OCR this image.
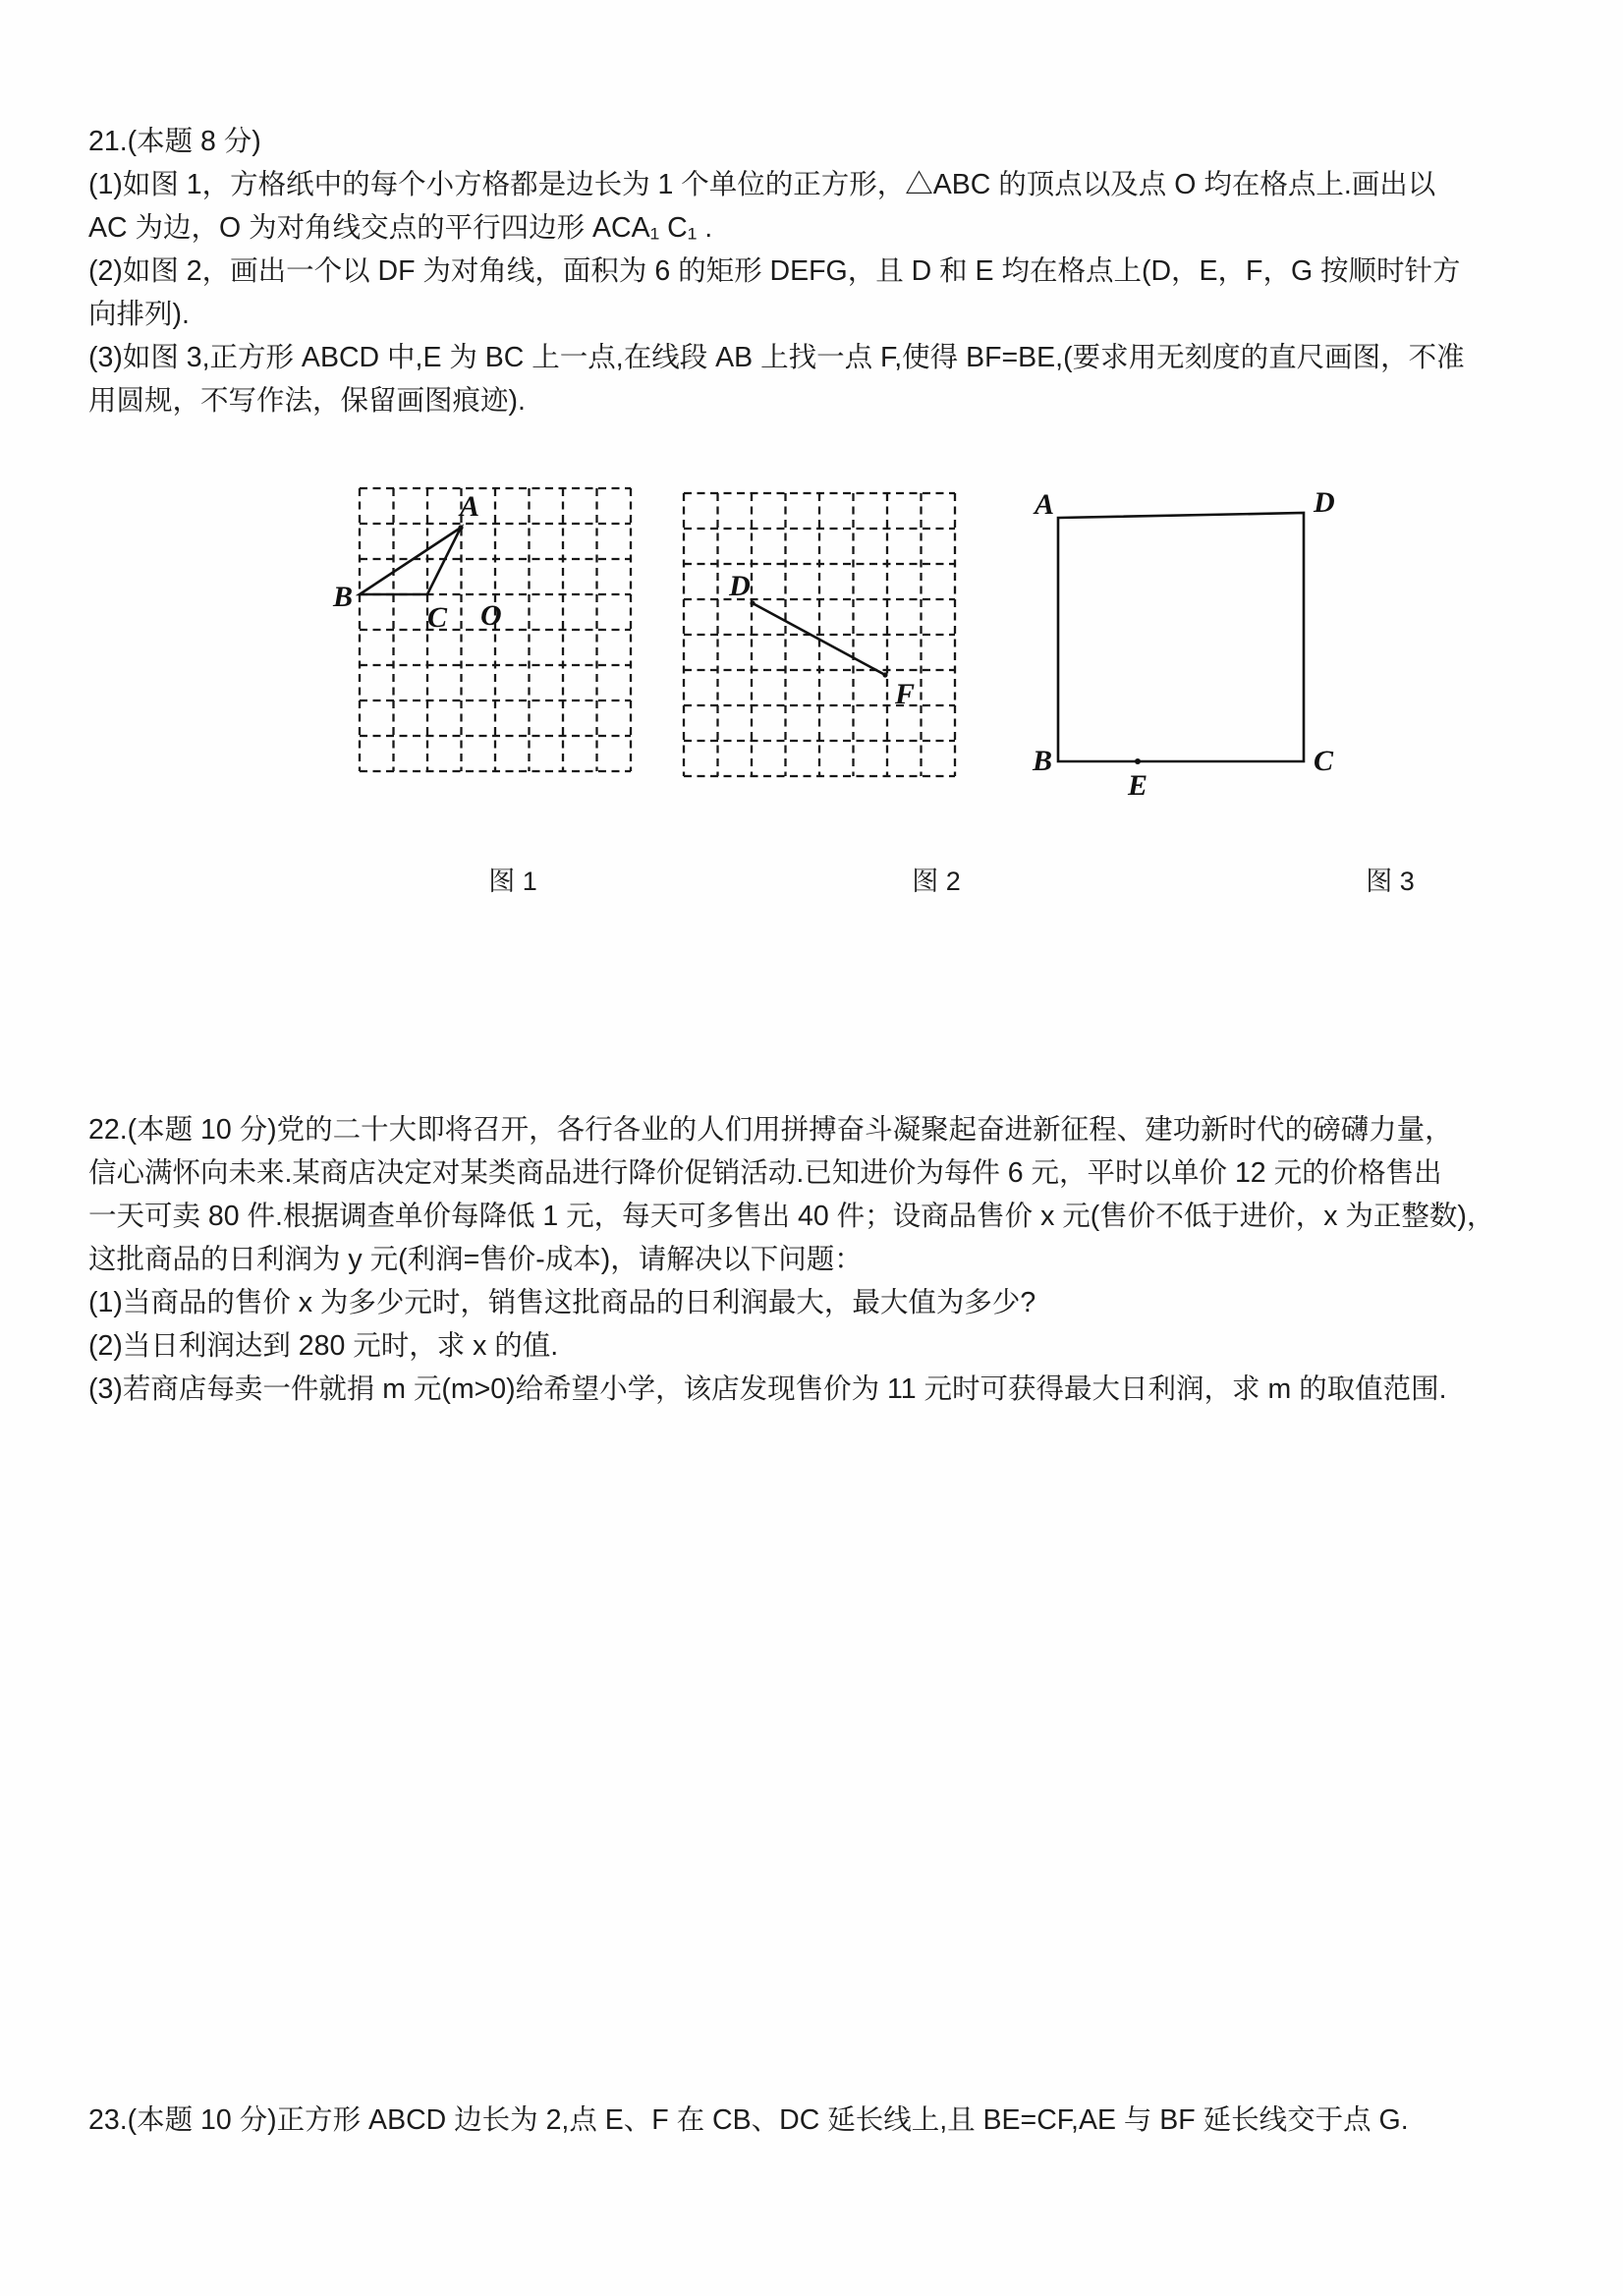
21.(本题 8 分)
(1)如图 1，方格纸中的每个小方格都是边长为 1 个单位的正方形，△ABC 的顶点以及点 O 均在格点上.画出以
AC 为边，O 为对角线交点的平行四边形 ACA₁ C₁ .
(2)如图 2，画出一个以 DF 为对角线，面积为 6 的矩形 DEFG，且 D 和 E 均在格点上(D，E，F，G 按顺时针方
向排列).
(3)如图 3,正方形 ABCD 中,E 为 BC 上一点,在线段 AB 上找一点 F,使得 BF=BE,(要求用无刻度的直尺画图，不准
用圆规，不写作法，保留画图痕迹).
A
B
C O
D
F
A	D
B	C
E
图 1	图 2	图 3
22.(本题 10 分)党的二十大即将召开，各行各业的人们用拼搏奋斗凝聚起奋进新征程、建功新时代的磅礴力量，
信心满怀向未来.某商店决定对某类商品进行降价促销活动.已知进价为每件 6 元，平时以单价 12 元的价格售出
一天可卖 80 件.根据调查单价每降低 1 元，每天可多售出 40 件；设商品售价 x 元(售价不低于进价，x 为正整数)，
这批商品的日利润为 y 元(利润=售价-成本)，请解决以下问题：
(1)当商品的售价 x 为多少元时，销售这批商品的日利润最大，最大值为多少?
(2)当日利润达到 280 元时，求 x 的值.
(3)若商店每卖一件就捐 m 元(m>0)给希望小学，该店发现售价为 11 元时可获得最大日利润，求 m 的取值范围.
23.(本题 10 分)正方形 ABCD 边长为 2,点 E、F 在 CB、DC 延长线上,且 BE=CF,AE 与 BF 延长线交于点 G.
